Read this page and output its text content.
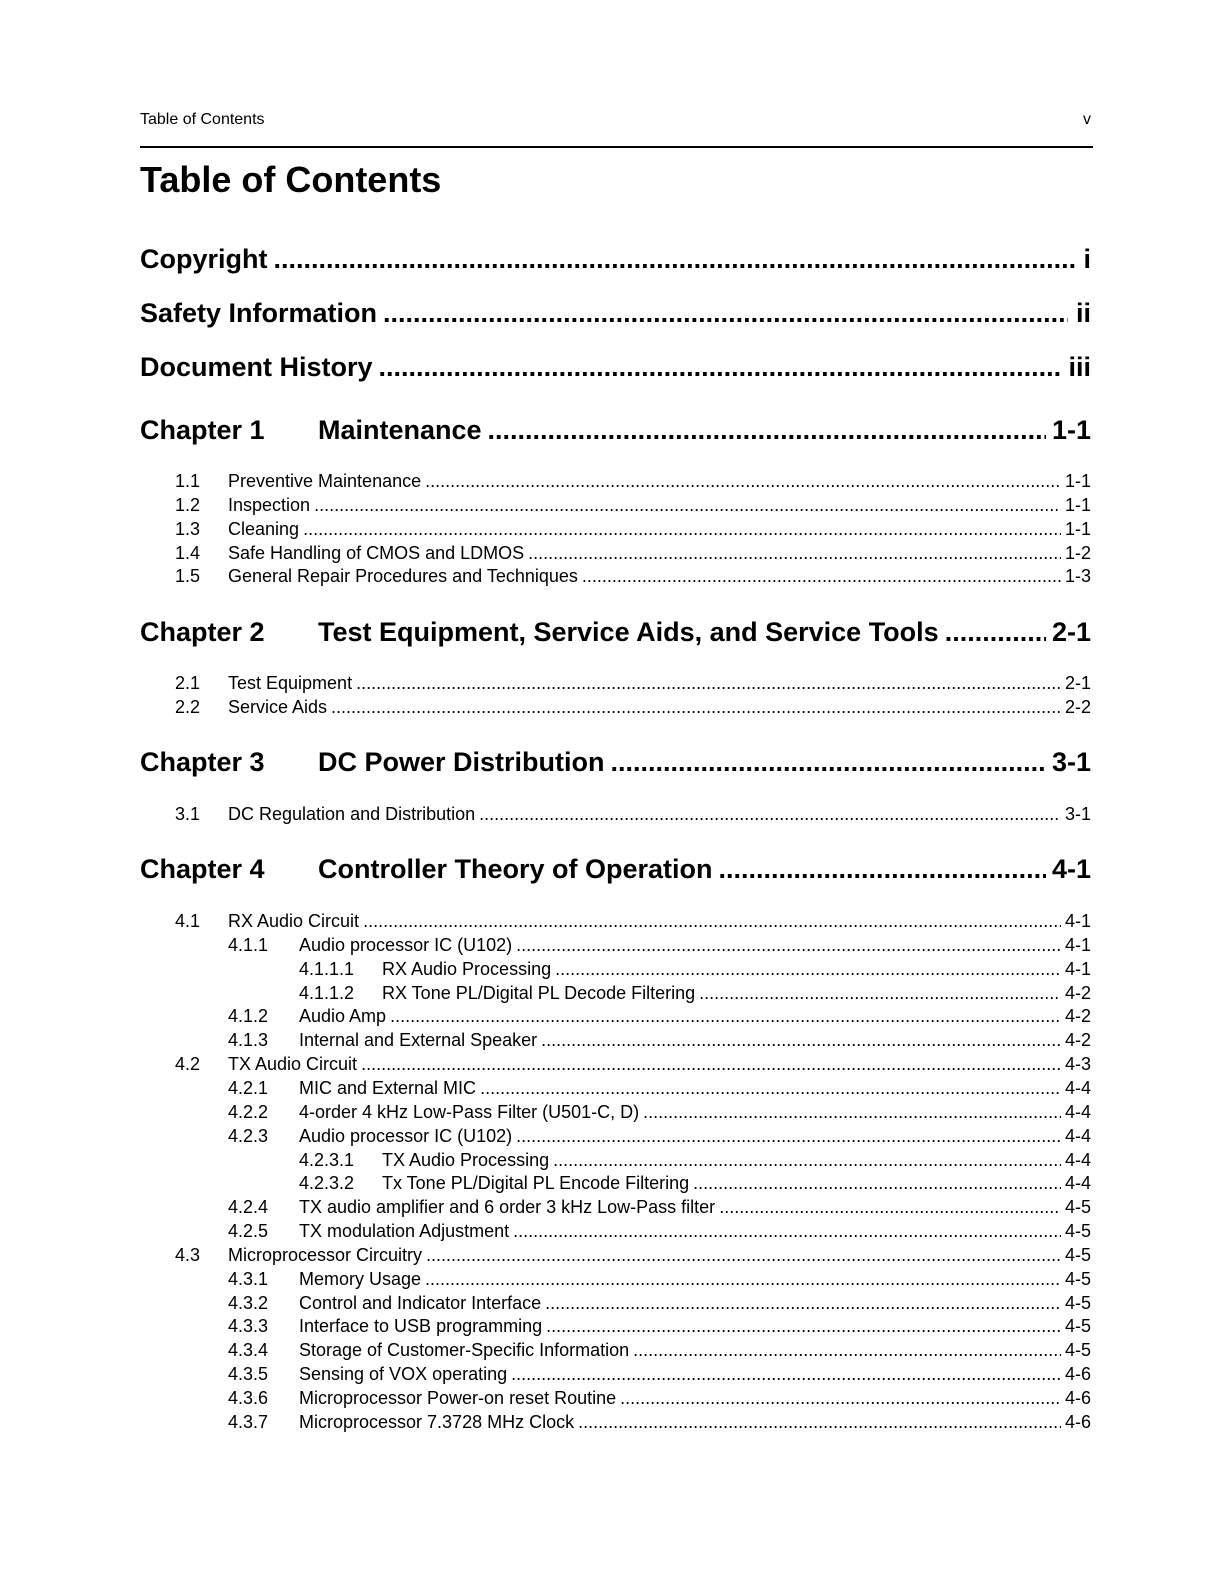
Table of Contents	v
Table of Contents
Copyright .....	i
Safety Information .....	ii
Document History .....	iii
Chapter 1	Maintenance .....	1-1
1.1	Preventive Maintenance .....	1-1
1.2	Inspection .....	1-1
1.3	Cleaning .....	1-1
1.4	Safe Handling of CMOS and LDMOS .....	1-2
1.5	General Repair Procedures and Techniques .....	1-3
Chapter 2	Test Equipment, Service Aids, and Service Tools .....	2-1
2.1	Test Equipment .....	2-1
2.2	Service Aids .....	2-2
Chapter 3	DC Power Distribution .....	3-1
3.1	DC Regulation and Distribution .....	3-1
Chapter 4	Controller Theory of Operation .....	4-1
4.1	RX Audio Circuit .....	4-1
4.1.1	Audio processor IC (U102) .....	4-1
4.1.1.1	RX Audio Processing .....	4-1
4.1.1.2	RX Tone PL/Digital PL Decode Filtering .....	4-2
4.1.2	Audio Amp .....	4-2
4.1.3	Internal and External Speaker .....	4-2
4.2	TX Audio Circuit .....	4-3
4.2.1	MIC and External MIC .....	4-4
4.2.2	4-order 4 kHz Low-Pass Filter (U501-C, D) .....	4-4
4.2.3	Audio processor IC (U102) .....	4-4
4.2.3.1	TX Audio Processing .....	4-4
4.2.3.2	Tx Tone PL/Digital PL Encode Filtering .....	4-4
4.2.4	TX audio amplifier and 6 order 3 kHz Low-Pass filter .....	4-5
4.2.5	TX modulation Adjustment .....	4-5
4.3	Microprocessor Circuitry .....	4-5
4.3.1	Memory Usage .....	4-5
4.3.2	Control and Indicator Interface .....	4-5
4.3.3	Interface to USB programming .....	4-5
4.3.4	Storage of Customer-Specific Information .....	4-5
4.3.5	Sensing of VOX operating .....	4-6
4.3.6	Microprocessor Power-on reset Routine .....	4-6
4.3.7	Microprocessor 7.3728 MHz Clock .....	4-6
